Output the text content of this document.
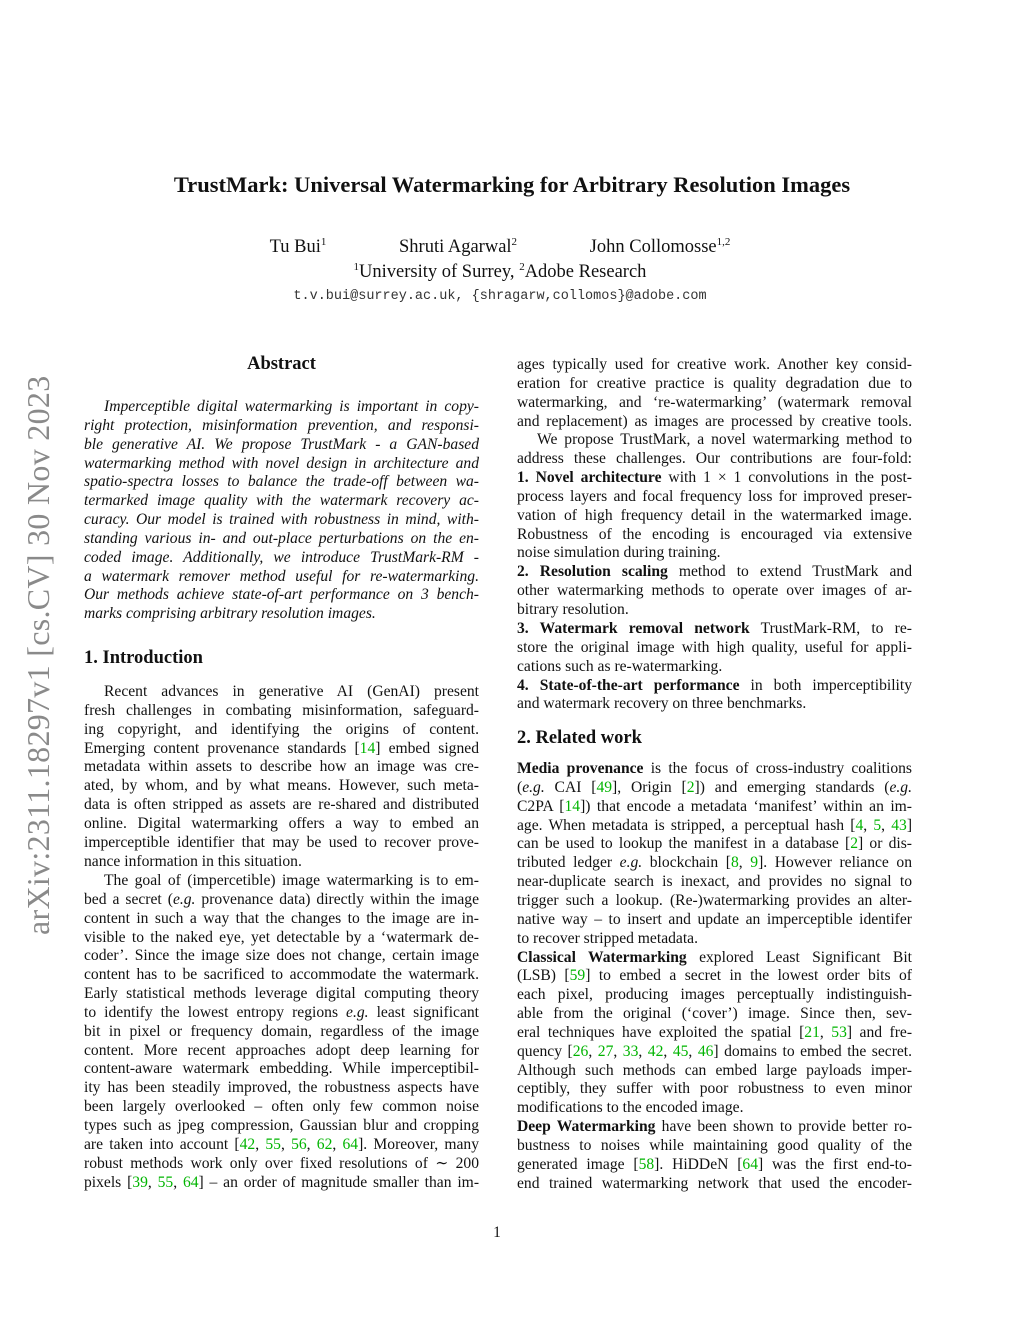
TrustMark: Universal Watermarking for Arbitrary Resolution Images
Tu Bui$^1$	Shruti Agarwal$^2$	John Collomosse$^{1,2}$
$^1$University of Surrey, $^2$Adobe Research
t.v.bui@surrey.ac.uk, {shragarw,collomos}@adobe.com
arXiv:2311.18297v1 [cs.CV] 30 Nov 2023
Abstract
Imperceptible digital watermarking is important in copy-
right protection, misinformation prevention, and responsi-
ble generative AI. We propose TrustMark - a GAN-based
watermarking method with novel design in architecture and
spatio-spectra losses to balance the trade-off between wa-
termarked image quality with the watermark recovery ac-
curacy. Our model is trained with robustness in mind, with-
standing various in- and out-place perturbations on the en-
coded image. Additionally, we introduce TrustMark-RM -
a watermark remover method useful for re-watermarking.
Our methods achieve state-of-art performance on 3 bench-
marks comprising arbitrary resolution images.
1. Introduction
Recent advances in generative AI (GenAI) present
fresh challenges in combating misinformation, safeguard-
ing copyright, and identifying the origins of content.
Emerging content provenance standards [14] embed signed
metadata within assets to describe how an image was cre-
ated, by whom, and by what means. However, such meta-
data is often stripped as assets are re-shared and distributed
online. Digital watermarking offers a way to embed an
imperceptible identifier that may be used to recover prove-
nance information in this situation.
The goal of (impercetible) image watermarking is to em-
bed a secret (e.g. provenance data) directly within the image
content in such a way that the changes to the image are in-
visible to the naked eye, yet detectable by a ‘watermark de-
coder’. Since the image size does not change, certain image
content has to be sacrificed to accommodate the watermark.
Early statistical methods leverage digital computing theory
to identify the lowest entropy regions e.g. least significant
bit in pixel or frequency domain, regardless of the image
content. More recent approaches adopt deep learning for
content-aware watermark embedding. While imperceptibil-
ity has been steadily improved, the robustness aspects have
been largely overlooked – often only few common noise
types such as jpeg compression, Gaussian blur and cropping
are taken into account [42, 55, 56, 62, 64]. Moreover, many
robust methods work only over fixed resolutions of ∼ 200
pixels [39, 55, 64] – an order of magnitude smaller than im-
ages typically used for creative work. Another key consid-
eration for creative practice is quality degradation due to
watermarking, and ‘re-watermarking’ (watermark removal
and replacement) as images are processed by creative tools.
We propose TrustMark, a novel watermarking method to
address these challenges. Our contributions are four-fold:
1. Novel architecture with 1 × 1 convolutions in the post-
process layers and focal frequency loss for improved preser-
vation of high frequency detail in the watermarked image.
Robustness of the encoding is encouraged via extensive
noise simulation during training.
2. Resolution scaling method to extend TrustMark and
other watermarking methods to operate over images of ar-
bitrary resolution.
3. Watermark removal network TrustMark-RM, to re-
store the original image with high quality, useful for appli-
cations such as re-watermarking.
4. State-of-the-art performance in both imperceptibility
and watermark recovery on three benchmarks.
2. Related work
Media provenance is the focus of cross-industry coalitions
(e.g. CAI [49], Origin [2]) and emerging standards (e.g.
C2PA [14]) that encode a metadata ‘manifest’ within an im-
age. When metadata is stripped, a perceptual hash [4, 5, 43]
can be used to lookup the manifest in a database [2] or dis-
tributed ledger e.g. blockchain [8, 9]. However reliance on
near-duplicate search is inexact, and provides no signal to
trigger such a lookup. (Re-)watermarking provides an alter-
native way – to insert and update an imperceptible identifer
to recover stripped metadata.
Classical Watermarking explored Least Significant Bit
(LSB) [59] to embed a secret in the lowest order bits of
each pixel, producing images perceptually indistinguish-
able from the original (‘cover’) image. Since then, sev-
eral techniques have exploited the spatial [21, 53] and fre-
quency [26, 27, 33, 42, 45, 46] domains to embed the secret.
Although such methods can embed large payloads imper-
ceptibly, they suffer with poor robustness to even minor
modifications to the encoded image.
Deep Watermarking have been shown to provide better ro-
bustness to noises while maintaining good quality of the
generated image [58]. HiDDeN [64] was the first end-to-
end trained watermarking network that used the encoder-
1
